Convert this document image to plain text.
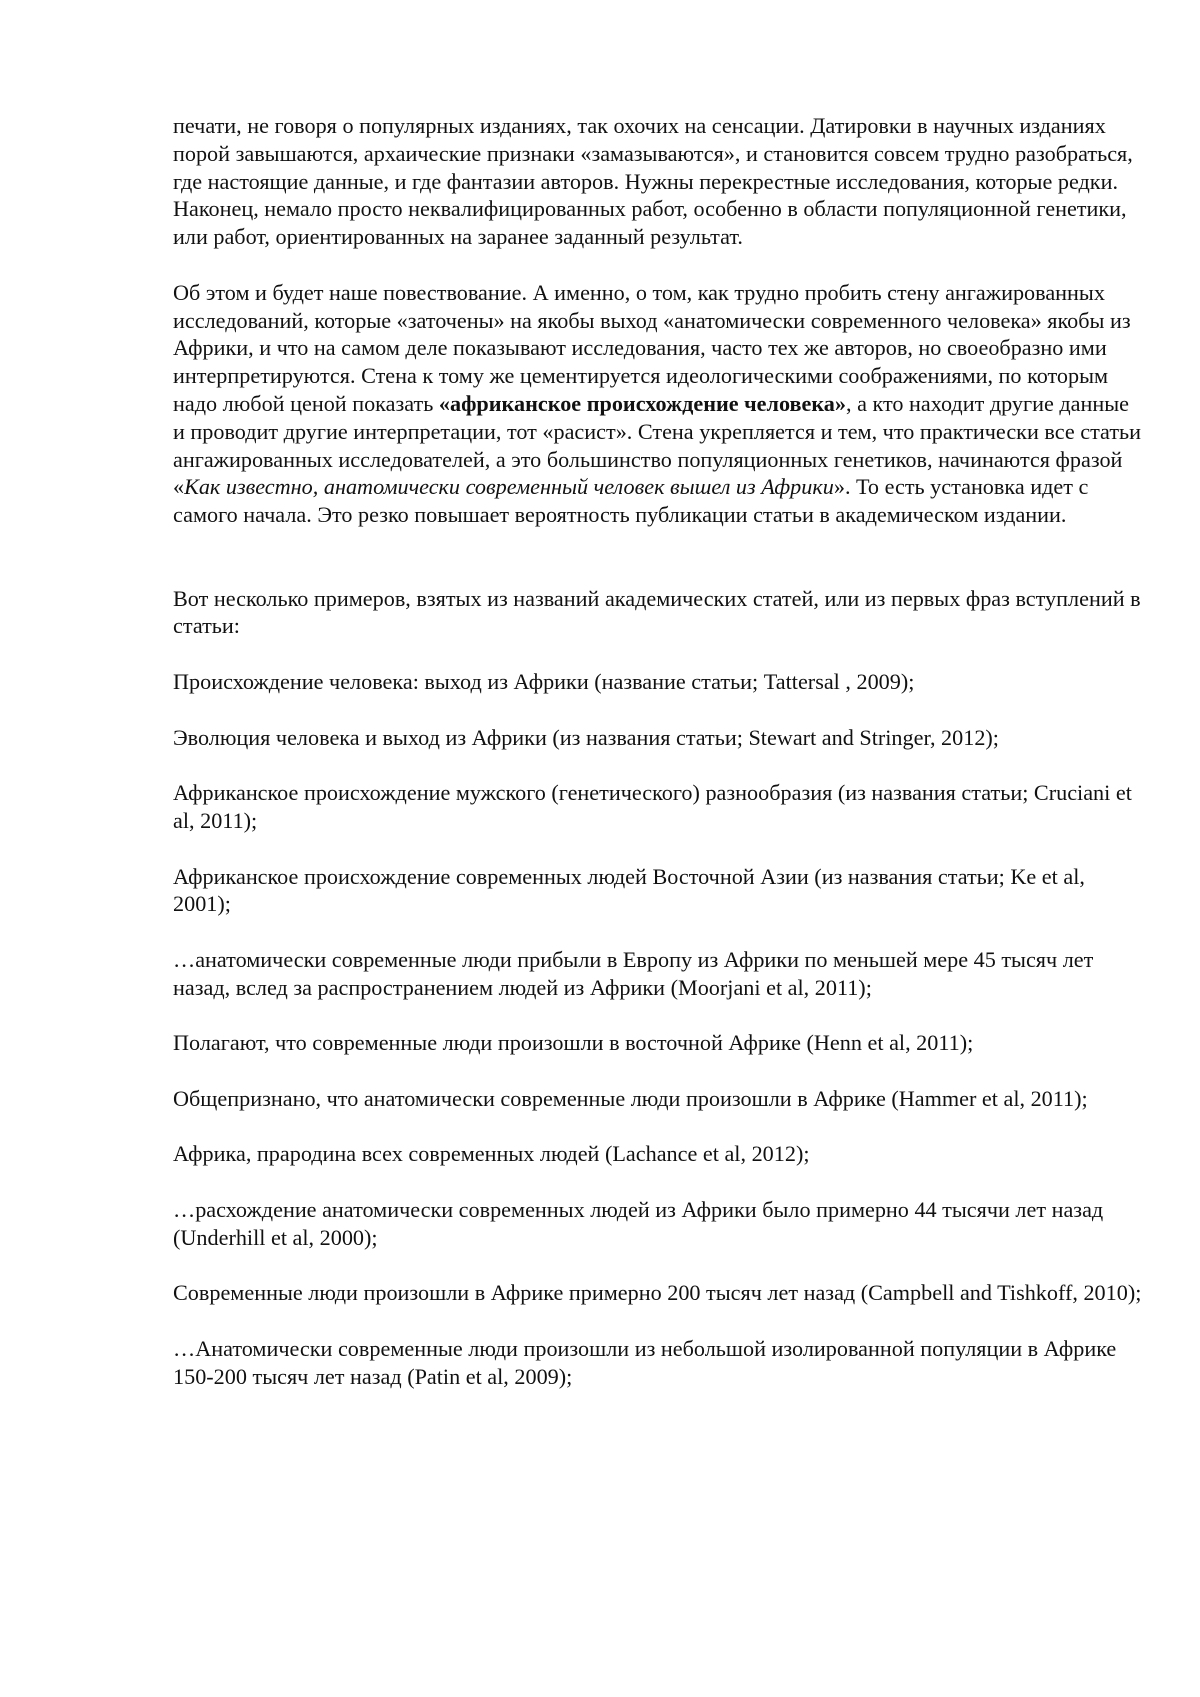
печати, не говоря о популярных изданиях, так охочих на сенсации. Датировки в научных изданиях порой завышаются, архаические признаки «замазываются», и становится совсем трудно разобраться, где настоящие данные, и где фантазии авторов. Нужны перекрестные исследования, которые редки. Наконец, немало просто неквалифицированных работ, особенно в области популяционной генетики, или работ, ориентированных на заранее заданный результат.

Об этом и будет наше повествование. А именно, о том, как трудно пробить стену ангажированных исследований, которые «заточены» на якобы выход «анатомически современного человека» якобы из Африки, и что на самом деле показывают исследования, часто тех же авторов, но своеобразно ими интерпретируются. Стена к тому же цементируется идеологическими соображениями, по которым надо любой ценой показать «африканское происхождение человека», а кто находит другие данные и проводит другие интерпретации, тот «расист». Стена укрепляется и тем, что практически все статьи ангажированных исследователей, а это большинство популяционных генетиков, начинаются фразой «Как известно, анатомически современный человек вышел из Африки». То есть установка идет с самого начала. Это резко повышает вероятность публикации статьи в академическом издании.

Вот несколько примеров, взятых из названий академических статей, или из первых фраз вступлений в статьи:

Происхождение человека: выход из Африки (название статьи; Tattersal , 2009);

Эволюция человека и выход из Африки (из названия статьи; Stewart and Stringer, 2012);

Африканское происхождение мужского (генетического) разнообразия (из названия статьи; Cruciani et al, 2011);

Африканское происхождение современных людей Восточной Азии (из названия статьи; Ke et al, 2001);

…анатомически современные люди прибыли в Европу из Африки по меньшей мере 45 тысяч лет назад, вслед за распространением людей из Африки (Moorjani et al, 2011);

Полагают, что современные люди произошли в восточной Африке (Henn et al, 2011);

Общепризнано, что анатомически современные люди произошли в Африке (Hammer et al, 2011);

Африка, прародина всех современных людей (Lachance et al, 2012);

…расхождение анатомически современных людей из Африки было примерно 44 тысячи лет назад (Underhill et al, 2000);

Современные люди произошли в Африке примерно 200 тысяч лет назад (Campbell and Tishkoff, 2010);

…Анатомически современные люди произошли из небольшой изолированной популяции в Африке 150-200 тысяч лет назад (Patin et al, 2009);
